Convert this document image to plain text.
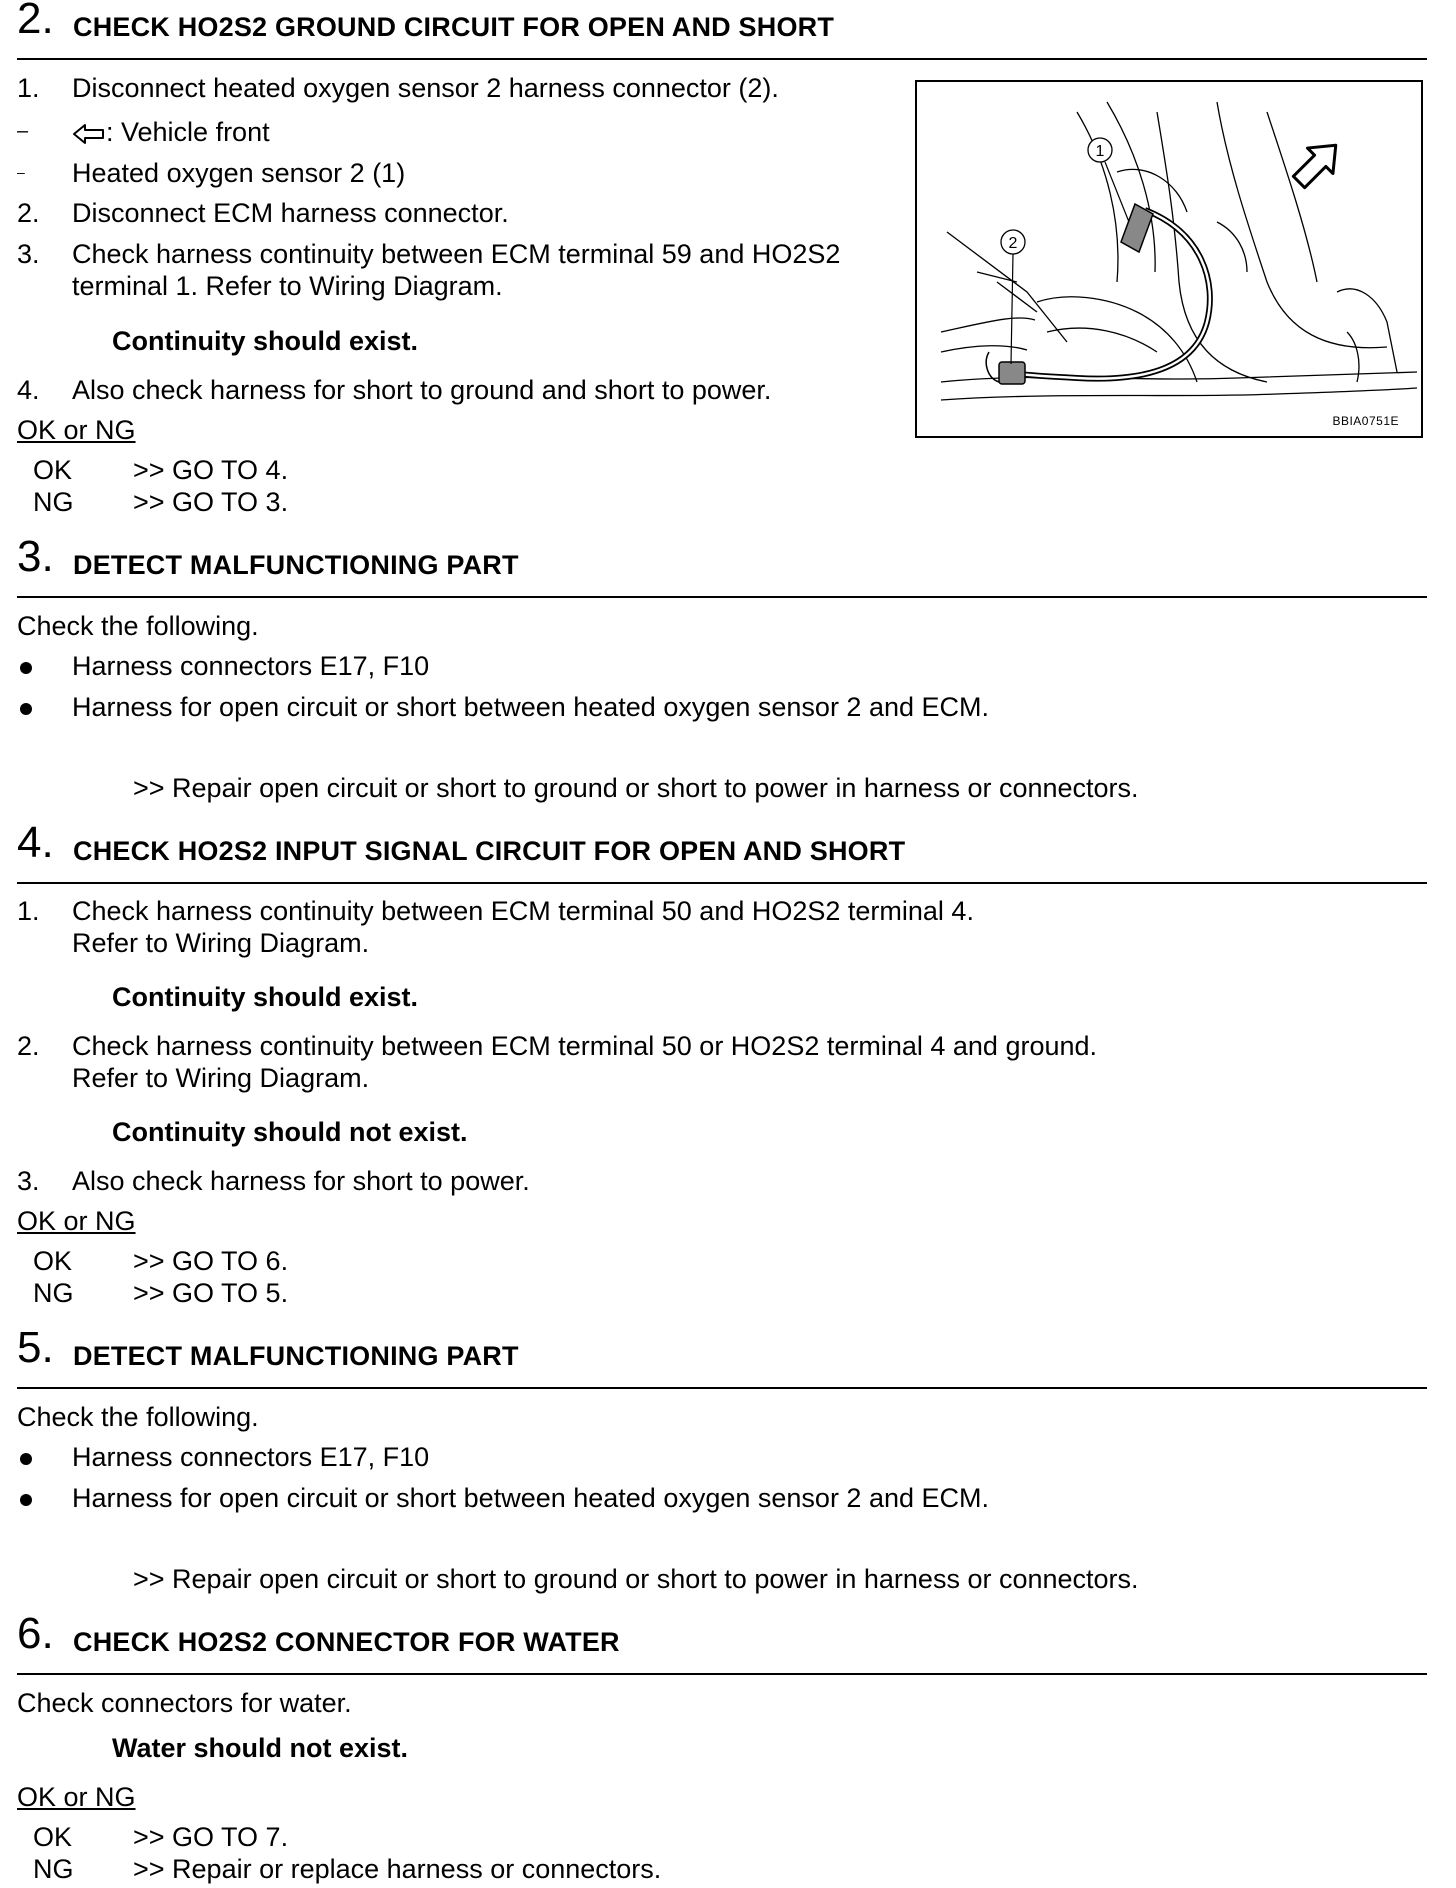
2. CHECK HO2S2 GROUND CIRCUIT FOR OPEN AND SHORT
1. Disconnect heated oxygen sensor 2 harness connector (2).
–	: Vehicle front
– Heated oxygen sensor 2 (1)
2. Disconnect ECM harness connector.
3. Check harness continuity between ECM terminal 59 and HO2S2
terminal 1. Refer to Wiring Diagram.
Continuity should exist.
4. Also check harness for short to ground and short to power.
OK or NG
OK >> GO TO 4.
NG >> GO TO 3.
1
2
BBIA0751E
3. DETECT MALFUNCTIONING PART
Check the following.
Harness connectors E17, F10
Harness for open circuit or short between heated oxygen sensor 2 and ECM.
>> Repair open circuit or short to ground or short to power in harness or connectors.
4. CHECK HO2S2 INPUT SIGNAL CIRCUIT FOR OPEN AND SHORT
1. Check harness continuity between ECM terminal 50 and HO2S2 terminal 4.
Refer to Wiring Diagram.
Continuity should exist.
2. Check harness continuity between ECM terminal 50 or HO2S2 terminal 4 and ground.
Refer to Wiring Diagram.
Continuity should not exist.
3. Also check harness for short to power.
OK or NG
OK >> GO TO 6.
NG >> GO TO 5.
5. DETECT MALFUNCTIONING PART
Check the following.
Harness connectors E17, F10
Harness for open circuit or short between heated oxygen sensor 2 and ECM.
>> Repair open circuit or short to ground or short to power in harness or connectors.
6. CHECK HO2S2 CONNECTOR FOR WATER
Check connectors for water.
Water should not exist.
OK or NG
OK >> GO TO 7.
NG >> Repair or replace harness or connectors.
